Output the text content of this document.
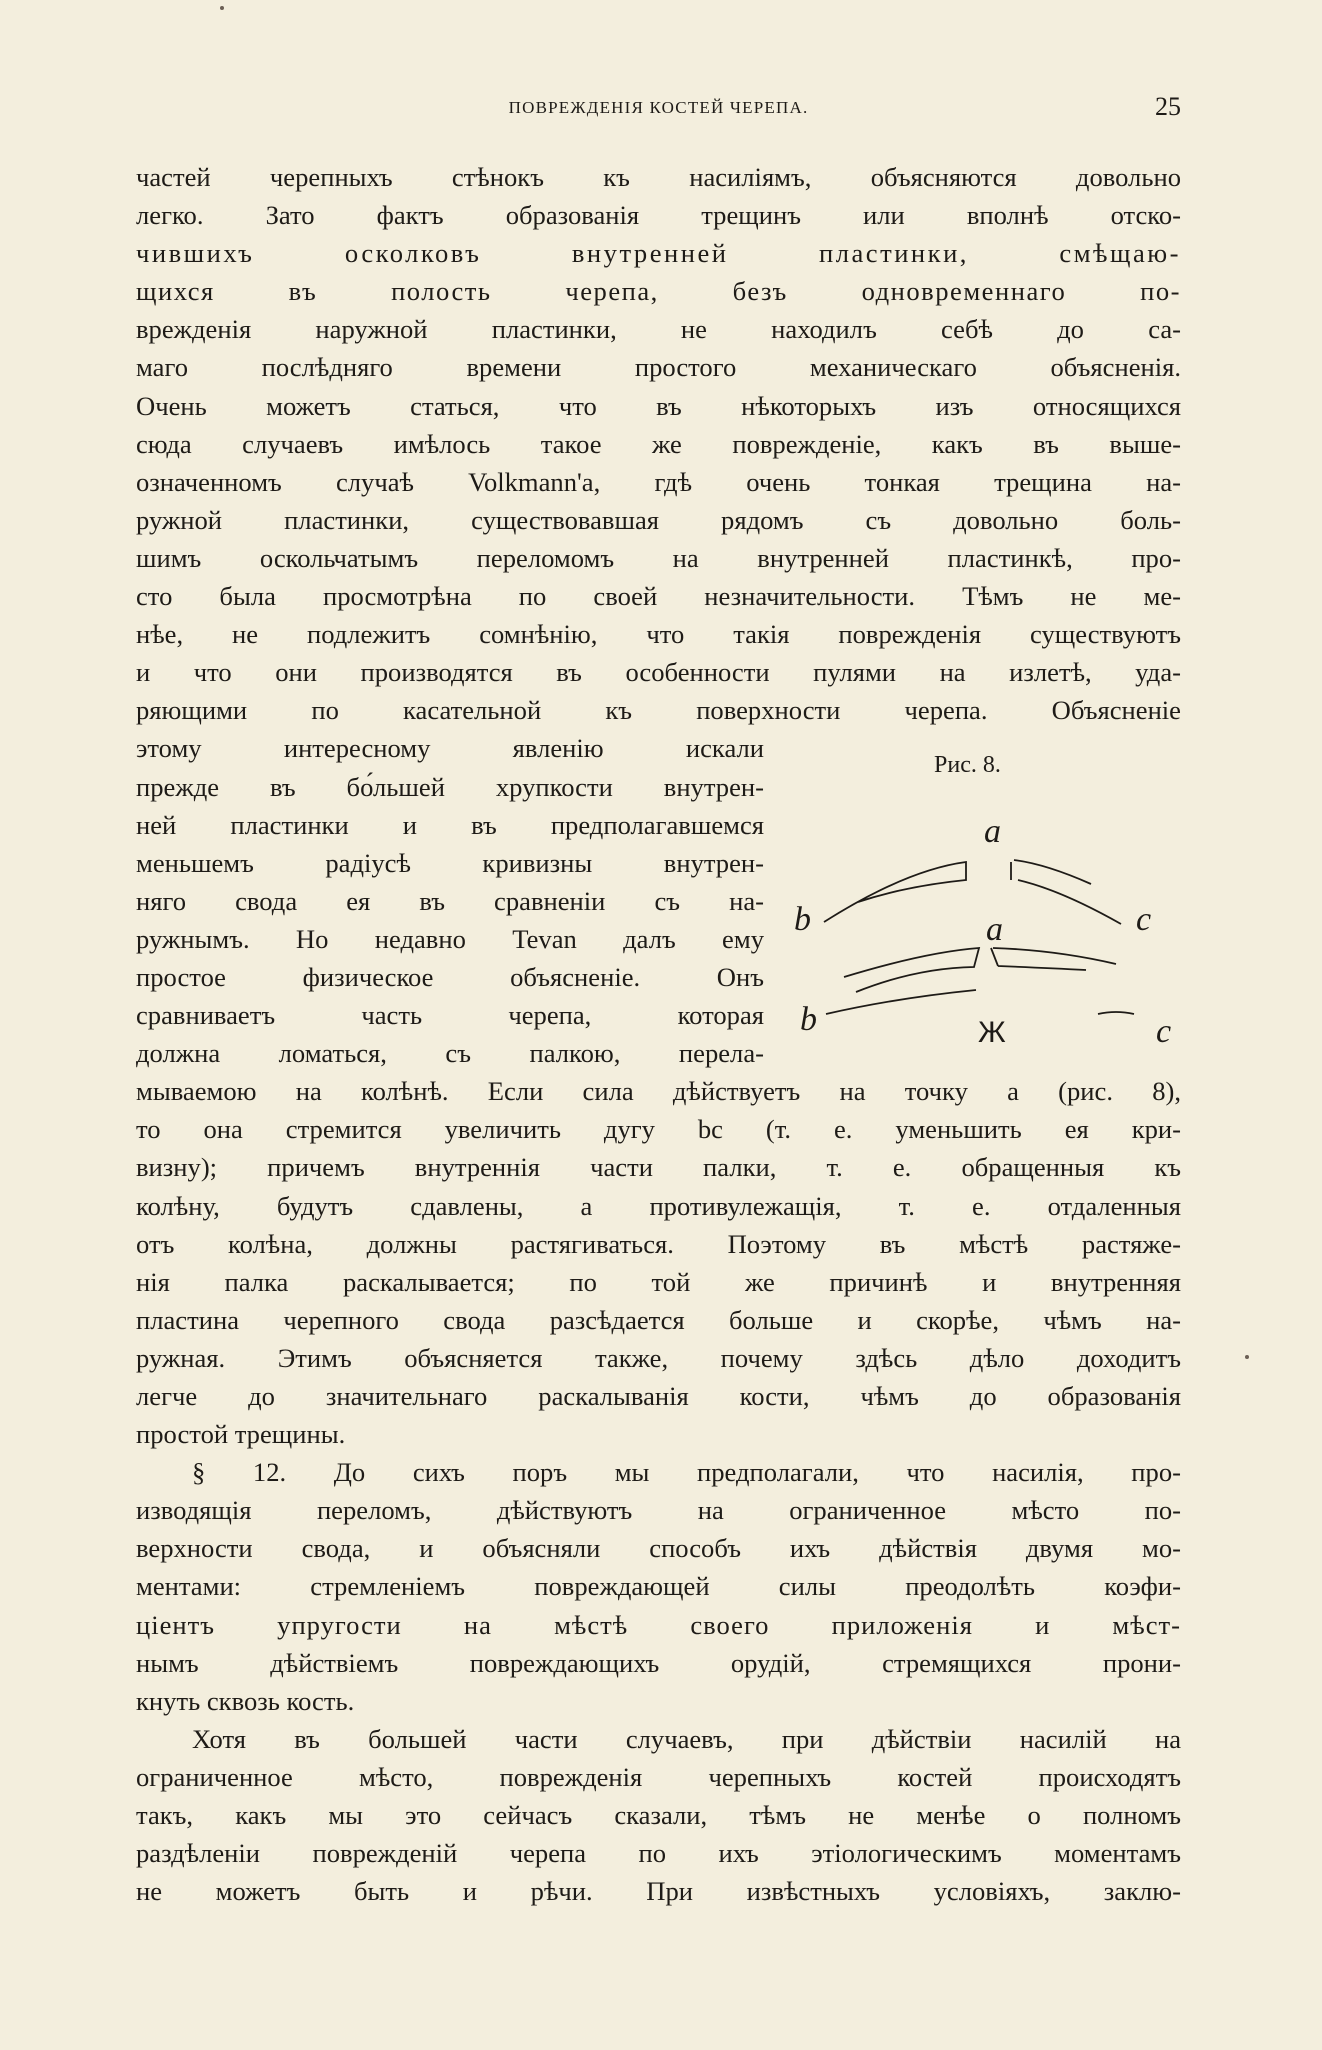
ПОВРЕЖДЕНІЯ КОСТЕЙ ЧЕРЕПА.	25
частей черепныхъ стѣнокъ къ насиліямъ, объясняются довольно
легко. Зато фактъ образованія трещинъ или вполнѣ отско-
чившихъ осколковъ внутренней пластинки, смѣщаю-
щихся въ полость черепа, безъ одновременнаго по-
врежденія наружной пластинки, не находилъ себѣ до са-
маго послѣдняго времени простого механическаго объясненія.
Очень можетъ статься, что въ нѣкоторыхъ изъ относящихся
сюда случаевъ имѣлось такое же поврежденіе, какъ въ выше-
означенномъ случаѣ Volkmann'a, гдѣ очень тонкая трещина на-
ружной пластинки, существовавшая рядомъ съ довольно боль-
шимъ оскольчатымъ переломомъ на внутренней пластинкѣ, про-
сто была просмотрѣна по своей незначительности. Тѣмъ не ме-
нѣе, не подлежитъ сомнѣнію, что такія поврежденія существуютъ
и что они производятся въ особенности пулями на излетѣ, уда-
ряющими по касательной къ поверхности черепа. Объясненіе
этому интересному явленію искали
прежде въ бо́льшей хрупкости внутрен-
ней пластинки и въ предполагавшемся
меньшемъ радіусѣ кривизны внутрен-
няго свода ея въ сравненіи съ на-
ружнымъ. Но недавно Tevan далъ ему
простое физическое объясненіе. Онъ
сравниваетъ часть черепа, которая
должна ломаться, съ палкою, перела-
мываемою на колѣнѣ. Если сила дѣйствуетъ на точку a (рис. 8),
то она стремится увеличить дугу bc (т. е. уменьшить ея кри-
визну); причемъ внутреннія части палки, т. е. обращенныя къ
колѣну, будутъ сдавлены, а противулежащія, т. е. отдаленныя
отъ колѣна, должны растягиваться. Поэтому въ мѣстѣ растяже-
нія палка раскалывается; по той же причинѣ и внутренняя
пластина черепного свода разсѣдается больше и скорѣе, чѣмъ на-
ружная. Этимъ объясняется также, почему здѣсь дѣло доходитъ
легче до значительнаго раскалыванія кости, чѣмъ до образованія
простой трещины.
§ 12. До сихъ поръ мы предполагали, что насилія, про-
изводящія переломъ, дѣйствуютъ на ограниченное мѣсто по-
верхности свода, и объясняли способъ ихъ дѣйствія двумя мо-
ментами: стремленіемъ повреждающей силы преодолѣть коэфи-
ціентъ упругости на мѣстѣ своего приложенія и мѣст-
нымъ дѣйствіемъ повреждающихъ орудій, стремящихся прони-
кнуть сквозь кость.
Хотя въ большей части случаевъ, при дѣйствіи насилій на
ограниченное мѣсто, поврежденія черепныхъ костей происходятъ
такъ, какъ мы это сейчасъ сказали, тѣмъ не менѣе о полномъ
раздѣленіи поврежденій черепа по ихъ этіологическимъ моментамъ
не можетъ быть и рѣчи. При извѣстныхъ условіяхъ, заклю-
Рис. 8.
a
b	c
a
b	c
Ж
